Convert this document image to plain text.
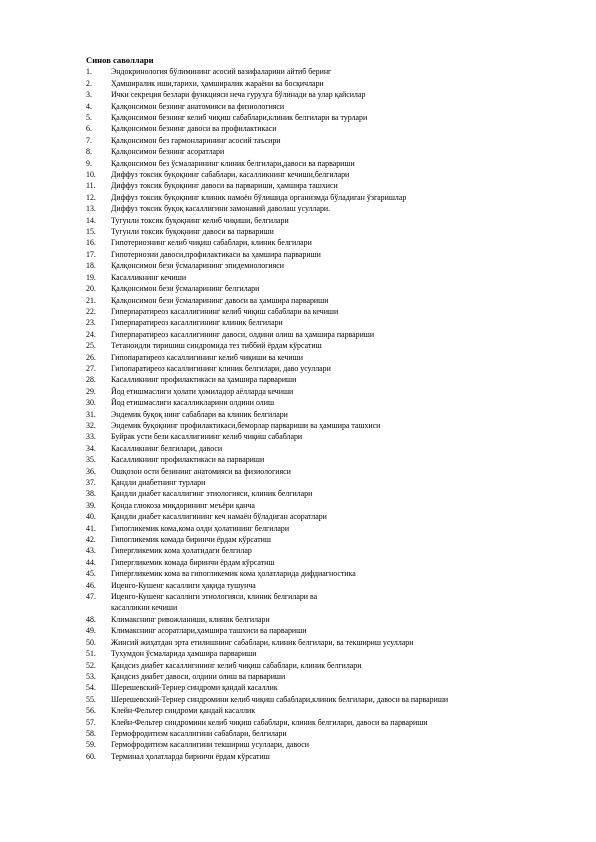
Синов саволлари
1.	Эндокринология бўлимининг асосий вазифаларини айтиб беринг
2.	Ҳамширалик иши,тарихи, ҳамширалик жараёни ва босқичлари
3.	Ички секреция безлари функцияси неча гуруҳга бўлинади ва улар қайсилар
4.	Қалқонсимон безнинг анатомияси ва физиологияси
5.	Қалқонсимон безнинг келиб чиқиш сабаблари,клиник белгилари ва турлари
6.	Қалқонсимон безнинг давоси ва профилактикаси
7.	Қалқонсимон без гармонларининг асосий таъсири
8.	Қалқонсимон безнинг асоратлари
9.	Қалқонсимон без ўсмаларининг клиник белгилари,давоси ва парвариши
10.	Диффуз токсик буқоқнинг сабаблари, касалликнинг кечиши,белгилари
11.	Диффуз токсик буқоқнинг давоси ва парвариши, ҳамшира ташхиси
12.	Диффуз токсик буқоқнинг клиник намоён бўлишида организмда бўладиган ўзгаришлар
13.	Диффуз токсик буқоқ касаллигини замонавий даволаш усуллари.
14.	Тугунли токсик буқоқнинг келиб чиқиши, белгилари
15.	Тугунли токсик буқоқнинг давоси ва парвариши
16.	Гипотериознинг келиб чиқиш сабаблари, клиник белгилари
17.	Гипотериозни давоси,профилактикаси ва ҳамшира парвариши
18.	Қалқонсимон бези ўсмаларининг эпидемиологияси
19.	Касалликнинг кечиши
20.	Қалқонсимон бези ўсмаларининг белгилари
21.	Қалқонсимон бези ўсмаларининг давоси ва ҳамшира парвариши
22.	Гиперпаратиреоз касаллигининг келиб чиқиш сабаблари ва кечиши
23.	Гиперпаратиреоз касаллигининг клиник белгилари
24.	Гиперпаратиреоз касаллигининг давоси, олдини олиш ва ҳамшира парвариши
25.	Тетаноидли тиришиш синдромида тез тиббий ёрдам кўрсатиш
26.	Гипопаратиреоз касаллигининг келиб чиқиши ва кечиши
27.	Гипопаратиреоз касаллигининг клиник белгилари, даво усуллари
28.	Касалликнинг профилактикаси ва ҳамшира парвариши
29.	Йод етишмаслиги ҳолати ҳомиладор аёлларда кечиши
30.	Йод етишмаслиги касалликларини олдини олиш
31.	Эндемик буқоқ нинг сабаблари ва клиник белгилари
32.	Эндемик буқоқнинг профилактикаси,беморлар парвариши ва ҳамшира ташхиси
33.	Буйрак усти бези касаллигининг келиб чиқиш сабаблари
34.	Касалликнинг белгилари, давоси
35.	Касалликнинг профилактикаси ва парвариши
36.	Ошқозон ости безининг анатомияси ва физиологияси
37.	Қандли диабетнинг турлари
38.	Қандли диабет касаллигинг этиологияси, клиник белгилари
39.	Қонда глюкоза миқдорининг меъёри қанча
40.	Қандли диабет касаллигининг кеч намаён бўладиган асоратлари
41.	Гипогликемик кома,кома олди ҳолатининг белгилари
42.	Гипогликемик комада биринчи ёрдам кўрсатиш
43.	Гипергликемик кома ҳолатидаги белгилар
44.	Гипергликемик комада биринчи ёрдам кўрсатиш
45.	Гипергликемик кома ва гипогликемик кома ҳолатларида дифдиагностика
46.	Иценго-Кушенг касаллиги ҳақида тушунча
47.	Иценго-Кушенг касаллиги этиологияси, клиник белгилари ва
касалликни кечиши
48.	Климакснинг ривожланиши, клиник белгилари
49.	Климакснинг асоратлари,ҳамшира ташхиси ва парвариши
50.	Жинсий жиҳатдан эрта етилишнинг сабаблари, клиник белгилари, ва текшириш усуллари
51.	Тухумдон ўсмаларида ҳамшира парвариши
52.	Қандсиз диабет касаллигининг келиб чиқиш сабаблари, клиник белгилари
53.	Қандсиз диабет давоси, олдини олиш ва парвариши
54.	Шерешевский-Тернер синдроми қандай касаллик
55.	Шерешевский-Тернер синдромини келиб чиқиш сабаблари,клиник белгилари, давоси ва парвариши
56.	Клейн-Фельтер синдроми қандай касаллик
57.	Клейн-Фельтер синдромини келиб чиқиш сабаблари, клиник белгилари, давоси ва парвариши
58.	Гермофродитизм касаллигини сабаблари, белгилари
59.	Гермофродитизм касаллигини текшириш усуллари, давоси
60.	Терминал ҳолатларда биринчи ёрдам кўрсатиш
